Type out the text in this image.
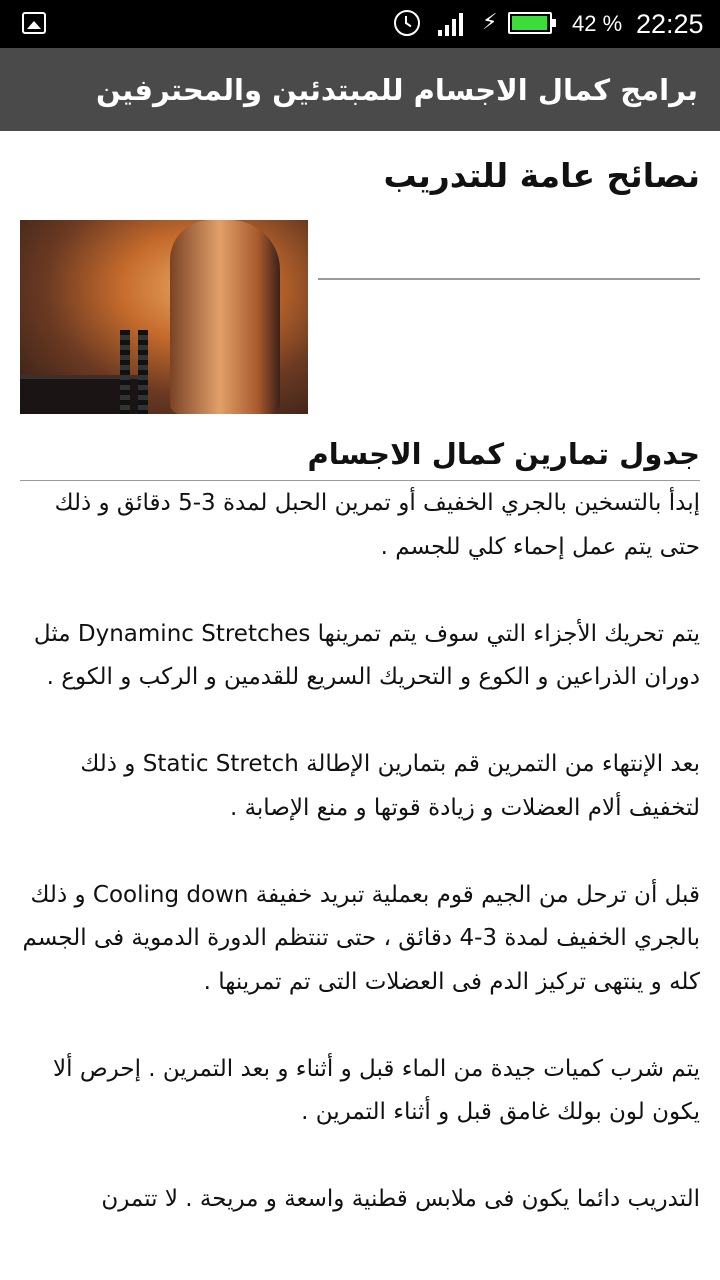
⚡	42 % 22:25
برامج كمال الاجسام للمبتدئين والمحترفين
نصائح عامة للتدريب
جدول تمارين كمال الاجسام

إبدأ بالتسخين بالجري الخفيف أو تمرين الحبل لمدة 3-5 دقائق و ذلك حتى يتم عمل إحماء كلي للجسم .

يتم تحريك الأجزاء التي سوف يتم تمرينها Dynaminc Stretches مثل دوران الذراعين و الكوع و التحريك السريع للقدمين و الركب و الكوع .

بعد الإنتهاء من التمرين قم بتمارين الإطالة Static Stretch و ذلك لتخفيف ألام العضلات و زيادة قوتها و منع الإصابة .

قبل أن ترحل من الجيم قوم بعملية تبريد خفيفة Cooling down و ذلك بالجري الخفيف لمدة 3-4 دقائق ، حتى تنتظم الدورة الدموية فى الجسم كله و ينتهى تركيز الدم فى العضلات التى تم تمرينها .

يتم شرب كميات جيدة من الماء قبل و أثناء و بعد التمرين . إحرص ألا يكون لون بولك غامق قبل و أثناء التمرين .

التدريب دائما يكون فى ملابس قطنية واسعة و مريحة . لا تتمرن
